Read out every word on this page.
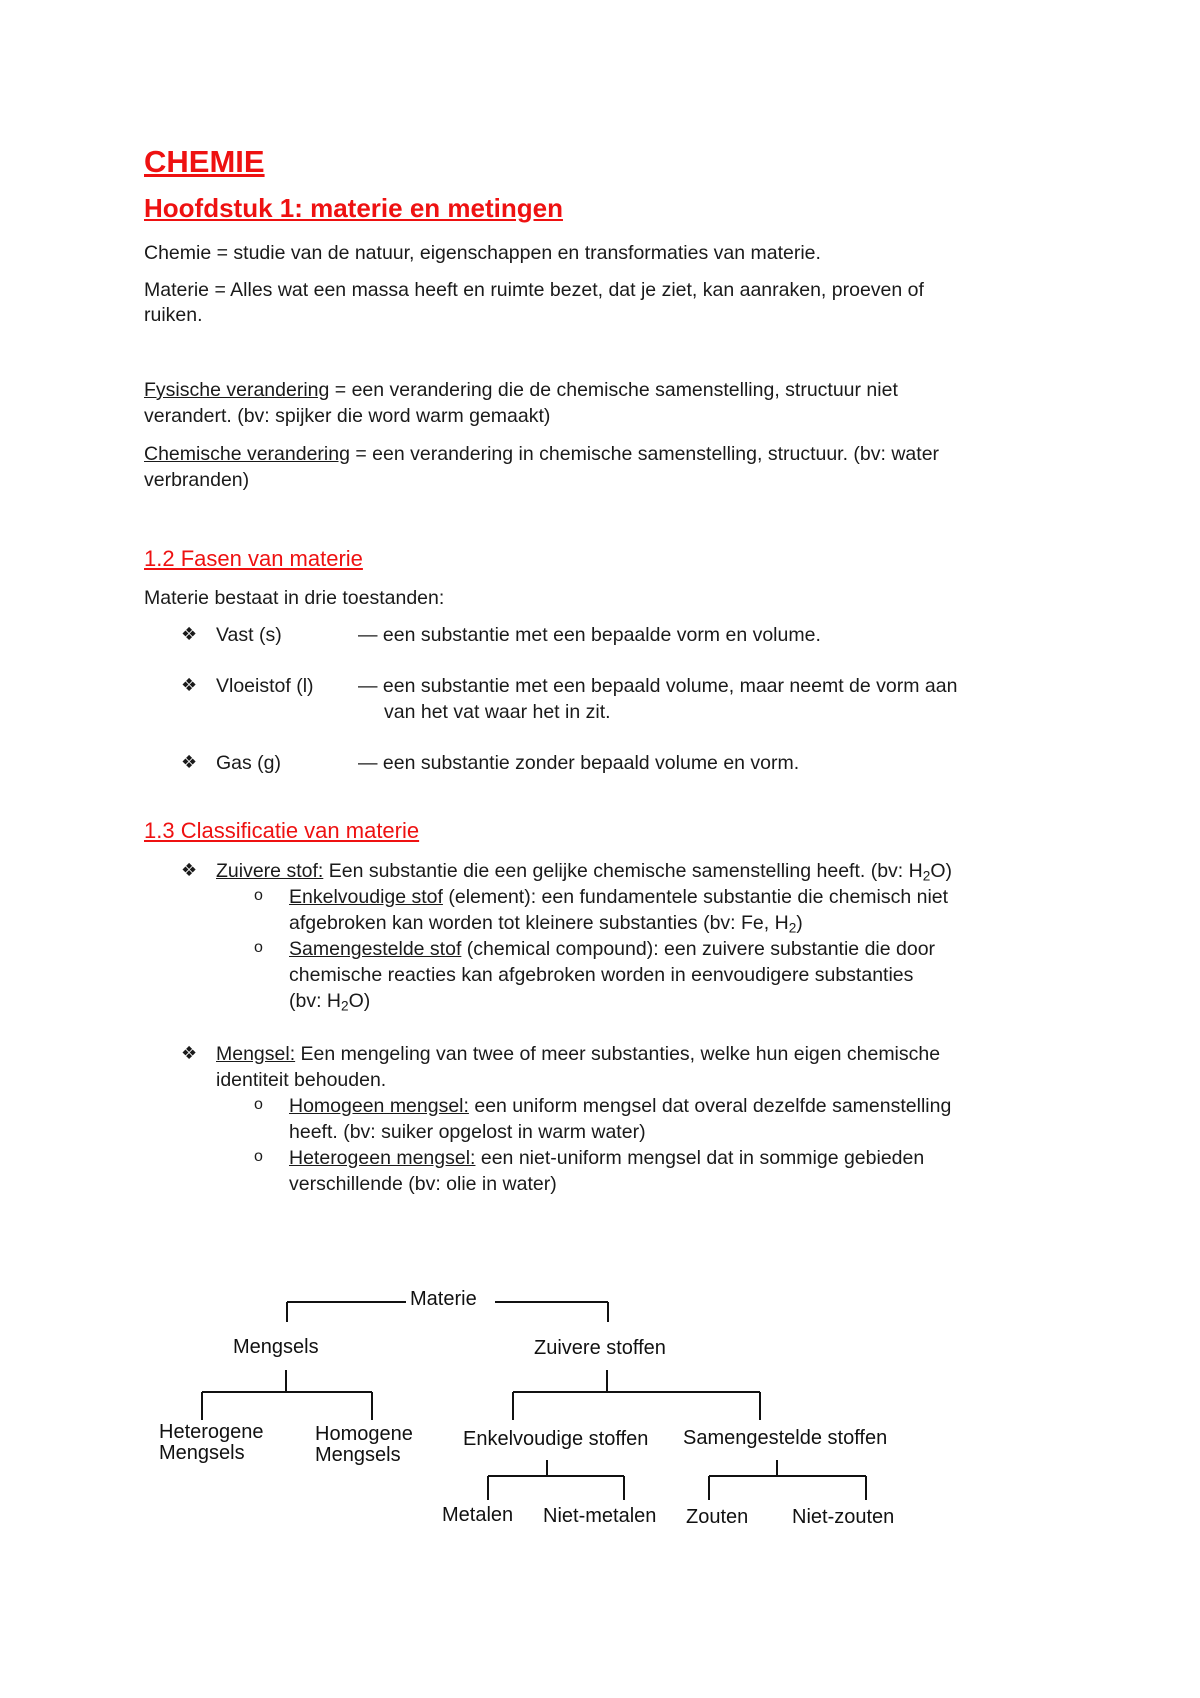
CHEMIE
Hoofdstuk 1: materie en metingen
Chemie = studie van de natuur, eigenschappen en transformaties van materie.
Materie = Alles wat een massa heeft en ruimte bezet, dat je ziet, kan aanraken, proeven of
ruiken.
Fysische verandering = een verandering die de chemische samenstelling, structuur niet
verandert. (bv: spijker die word warm gemaakt)
Chemische verandering = een verandering in chemische samenstelling, structuur. (bv: water
verbranden)
1.2 Fasen van materie
Materie bestaat in drie toestanden:
❖ Vast (s)	— een substantie met een bepaalde vorm en volume.
❖ Vloeistof (l) — een substantie met een bepaald volume, maar neemt de vorm aan
van het vat waar het in zit.
❖ Gas (g)	— een substantie zonder bepaald volume en vorm.
1.3 Classificatie van materie
❖ Zuivere stof: Een substantie die een gelijke chemische samenstelling heeft. (bv: $H_2O$)
o Enkelvoudige stof (element): een fundamentele substantie die chemisch niet
afgebroken kan worden tot kleinere substanties (bv: Fe, $H_2$)
o Samengestelde stof (chemical compound): een zuivere substantie die door
chemische reacties kan afgebroken worden in eenvoudigere substanties
(bv: $H_2O$)
❖ Mengsel: Een mengeling van twee of meer substanties, welke hun eigen chemische
identiteit behouden.
o Homogeen mengsel: een uniform mengsel dat overal dezelfde samenstelling
heeft. (bv: suiker opgelost in warm water)
o Heterogeen mengsel: een niet-uniform mengsel dat in sommige gebieden
verschillende (bv: olie in water)
Materie
Mengsels	Zuivere stoffen
Heterogene
Mengsels
Homogene
Mengsels
Enkelvoudige stoffen Samengestelde stoffen
Metalen Niet-metalen Zouten Niet-zouten
